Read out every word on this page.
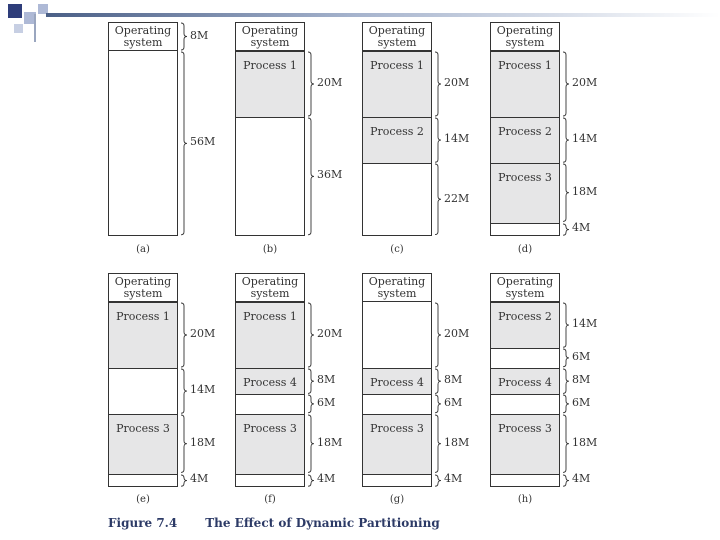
Operating
system
8M
56M
(a)
Operating
system
Process 1
20M
36M
(b)
Operating
system
Process 1
Process 2
20M
14M
22M
(c)
Operating
system
Process 1
Process 2
Process 3
20M
14M
18M
4M
(d)
Operating
system
Process 1
Process 3
20M
14M
18M
4M
(e)
Operating
system
Process 1
Process 4
Process 3
20M
8M
6M
18M
4M
(f)
Operating
system
Process 4
Process 3
20M
8M
6M
18M
4M
(g)
Operating
system
Process 2
Process 4
Process 3
14M
6M
8M
6M
18M
4M
(h)
Figure 7.4 The Effect of Dynamic Partitioning
